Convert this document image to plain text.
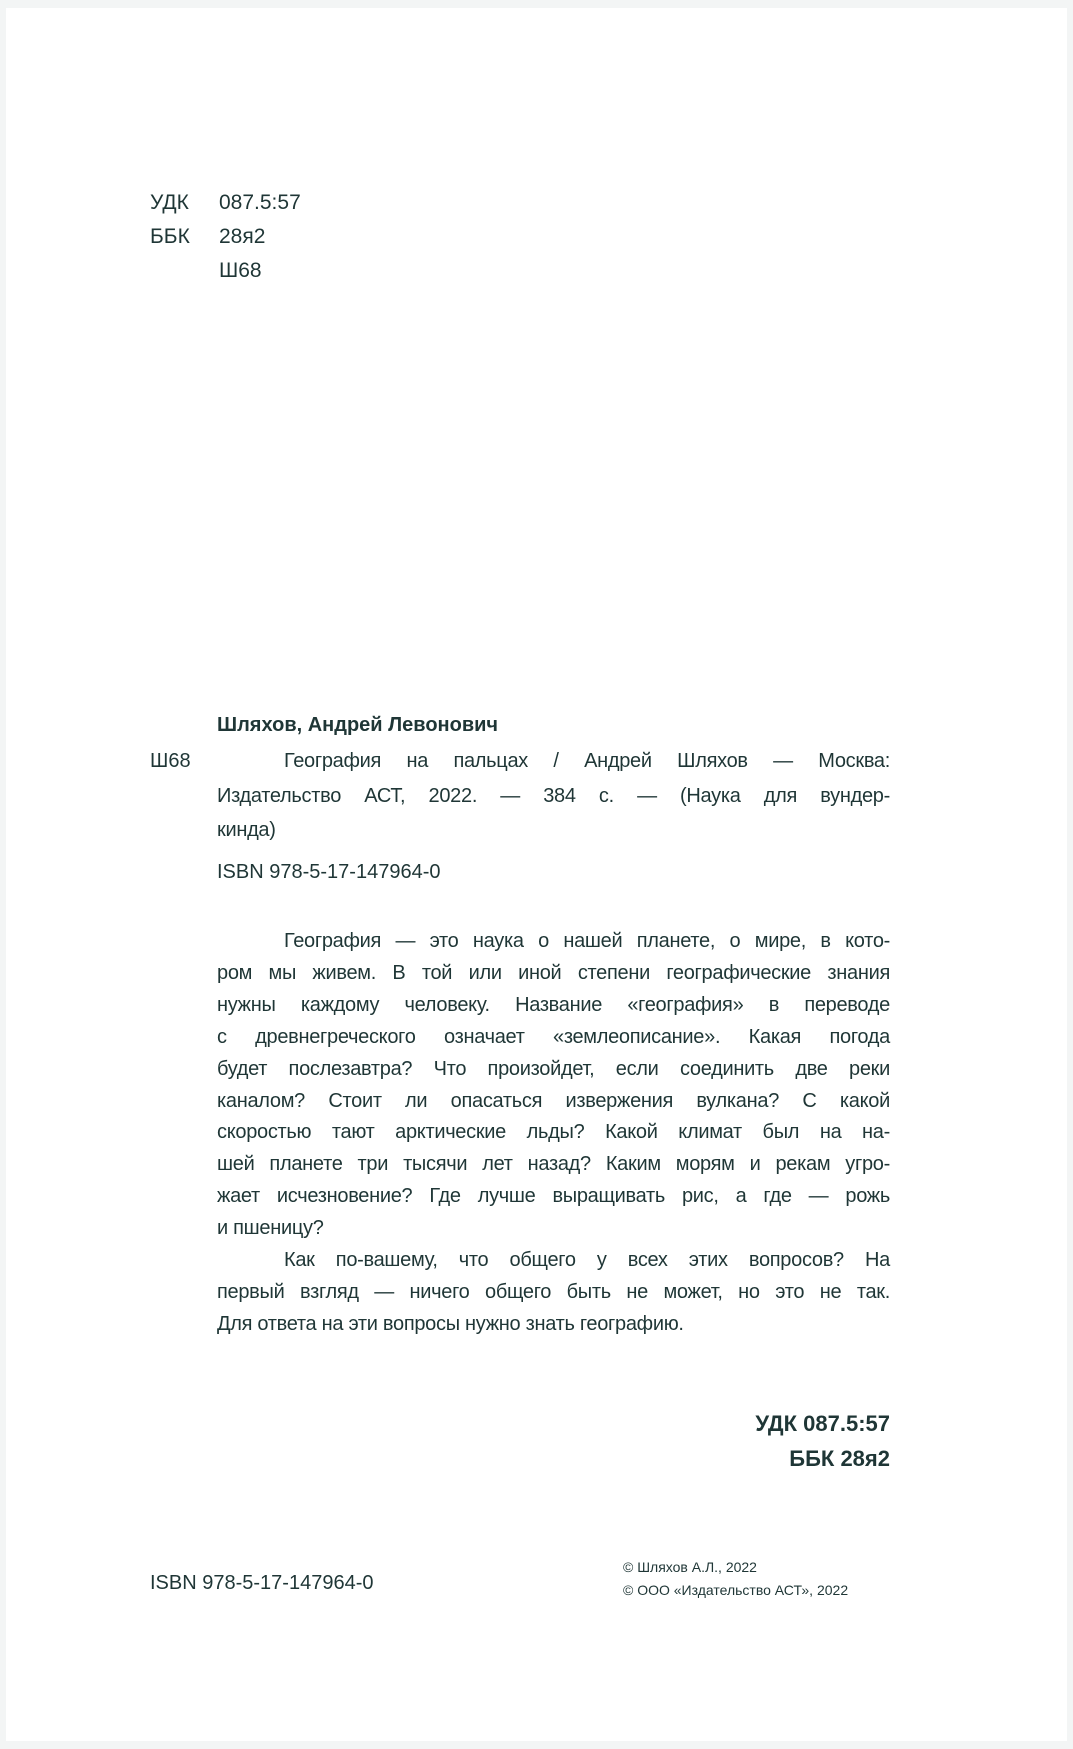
УДК 087.5:57
ББК 28я2
Ш68
Шляхов, Андрей Левонович
Ш68	География на пальцах / Андрей Шляхов — Москва:
Издательство АСТ, 2022. — 384 с. — (Наука для вундер-
кинда)
ISBN 978-5-17-147964-0
География — это наука о нашей планете, о мире, в кото-
ром мы живем. В той или иной степени географические знания
нужны каждому человеку. Название «география» в переводе
с древнегреческого означает «землеописание». Какая погода
будет послезавтра? Что произойдет, если соединить две реки
каналом? Стоит ли опасаться извержения вулкана? С какой
скоростью тают арктические льды? Какой климат был на на-
шей планете три тысячи лет назад? Каким морям и рекам угро-
жает исчезновение? Где лучше выращивать рис, а где — рожь
и пшеницу?
Как по-вашему, что общего у всех этих вопросов? На
первый взгляд — ничего общего быть не может, но это не так.
Для ответа на эти вопросы нужно знать географию.
УДК 087.5:57
ББК 28я2
ISBN 978-5-17-147964-0
© Шляхов А.Л., 2022
© ООО «Издательство АСТ», 2022
